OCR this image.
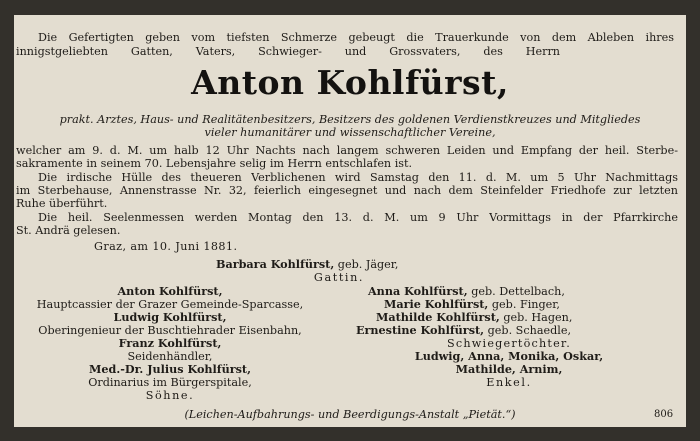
Die Gefertigten geben vom tiefsten Schmerze gebeugt die Trauerkunde von dem Ableben ihres
innigstgeliebten Gatten, Vaters, Schwieger- und Grossvaters, des Herrn
Anton Kohlfürst,
prakt. Arztes, Haus- und Realitätenbesitzers, Besitzers des goldenen Verdienstkreuzes und Mitgliedes
vieler humanitärer und wissenschaftlicher Vereine,
welcher am 9. d. M. um halb 12 Uhr Nachts nach langem schweren Leiden und Empfang der heil. Sterbe-
sakramente in seinem 70. Lebensjahre selig im Herrn entschlafen ist.
Die irdische Hülle des theueren Verblichenen wird Samstag den 11. d. M. um 5 Uhr Nachmittags
im Sterbehause, Annenstrasse Nr. 32, feierlich eingesegnet und nach dem Steinfelder Friedhofe zur letzten
Ruhe überführt.
Die heil. Seelenmessen werden Montag den 13. d. M. um 9 Uhr Vormittags in der Pfarrkirche
St. Andrä gelesen.
Graz, am 10. Juni 1881.
Barbara Kohlfürst, geb. Jäger,
Gattin.
Anton Kohlfürst,
Hauptcassier der Grazer Gemeinde-Sparcasse,
Ludwig Kohlfürst,
Oberingenieur der Buschtiehrader Eisenbahn,
Franz Kohlfürst,
Seidenhändler,
Med.-Dr. Julius Kohlfürst,
Ordinarius im Bürgerspitale,
Söhne.
Anna Kohlfürst, geb. Dettelbach,
Marie Kohlfürst, geb. Finger,
Mathilde Kohlfürst, geb. Hagen,
Ernestine Kohlfürst, geb. Schaedle,
Schwiegertöchter.
Ludwig, Anna, Monika, Oskar,
Mathilde, Arnim,
Enkel.
(Leichen-Aufbahrungs- und Beerdigungs-Anstalt „Pietät.“)	806
